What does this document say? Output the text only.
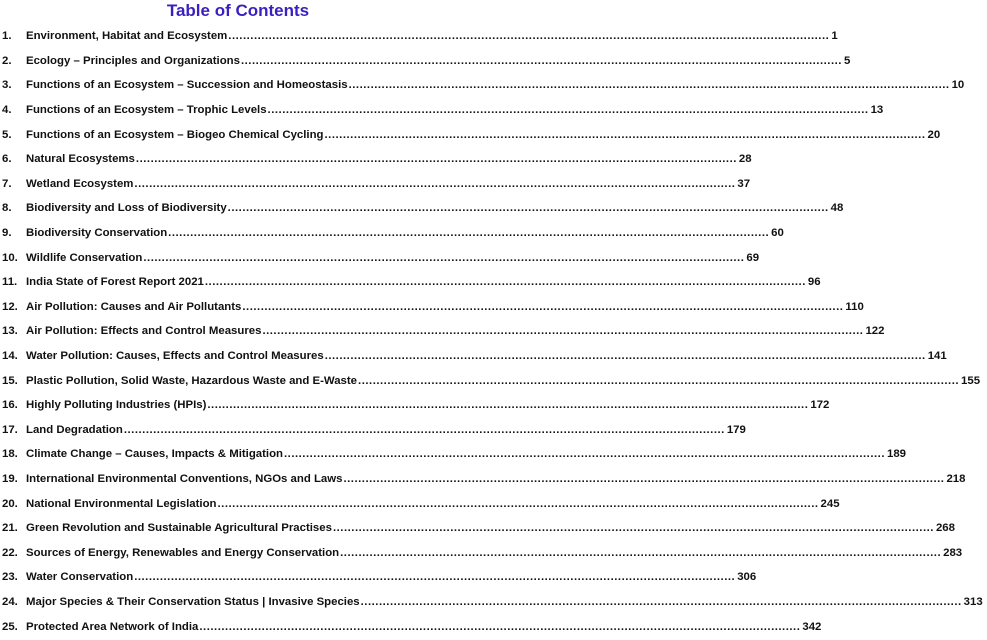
Table of Contents
1.	Environment, Habitat and Ecosystem .................................................................................................................................................................... 1
2.	Ecology – Principles and Organizations .................................................................................................................................................................... 5
3.	Functions of an Ecosystem – Succession and Homeostasis .................................................................................................................................................................... 10
4.	Functions of an Ecosystem – Trophic Levels .................................................................................................................................................................... 13
5.	Functions of an Ecosystem – Biogeo Chemical Cycling .................................................................................................................................................................... 20
6.	Natural Ecosystems .................................................................................................................................................................... 28
7.	Wetland Ecosystem .................................................................................................................................................................... 37
8.	Biodiversity and Loss of Biodiversity .................................................................................................................................................................... 48
9.	Biodiversity Conservation .................................................................................................................................................................... 60
10. Wildlife Conservation .................................................................................................................................................................... 69
11. India State of Forest Report 2021 .................................................................................................................................................................... 96
12. Air Pollution: Causes and Air Pollutants .................................................................................................................................................................... 110
13. Air Pollution: Effects and Control Measures .................................................................................................................................................................... 122
14. Water Pollution: Causes, Effects and Control Measures .................................................................................................................................................................... 141
15. Plastic Pollution, Solid Waste, Hazardous Waste and E-Waste .................................................................................................................................................................... 155
16. Highly Polluting Industries (HPIs) .................................................................................................................................................................... 172
17. Land Degradation .................................................................................................................................................................... 179
18. Climate Change – Causes, Impacts & Mitigation .................................................................................................................................................................... 189
19. International Environmental Conventions, NGOs and Laws .................................................................................................................................................................... 218
20. National Environmental Legislation .................................................................................................................................................................... 245
21. Green Revolution and Sustainable Agricultural Practises .................................................................................................................................................................... 268
22. Sources of Energy, Renewables and Energy Conservation .................................................................................................................................................................... 283
23. Water Conservation .................................................................................................................................................................... 306
24. Major Species & Their Conservation Status | Invasive Species .................................................................................................................................................................... 313
25. Protected Area Network of India .................................................................................................................................................................... 342
